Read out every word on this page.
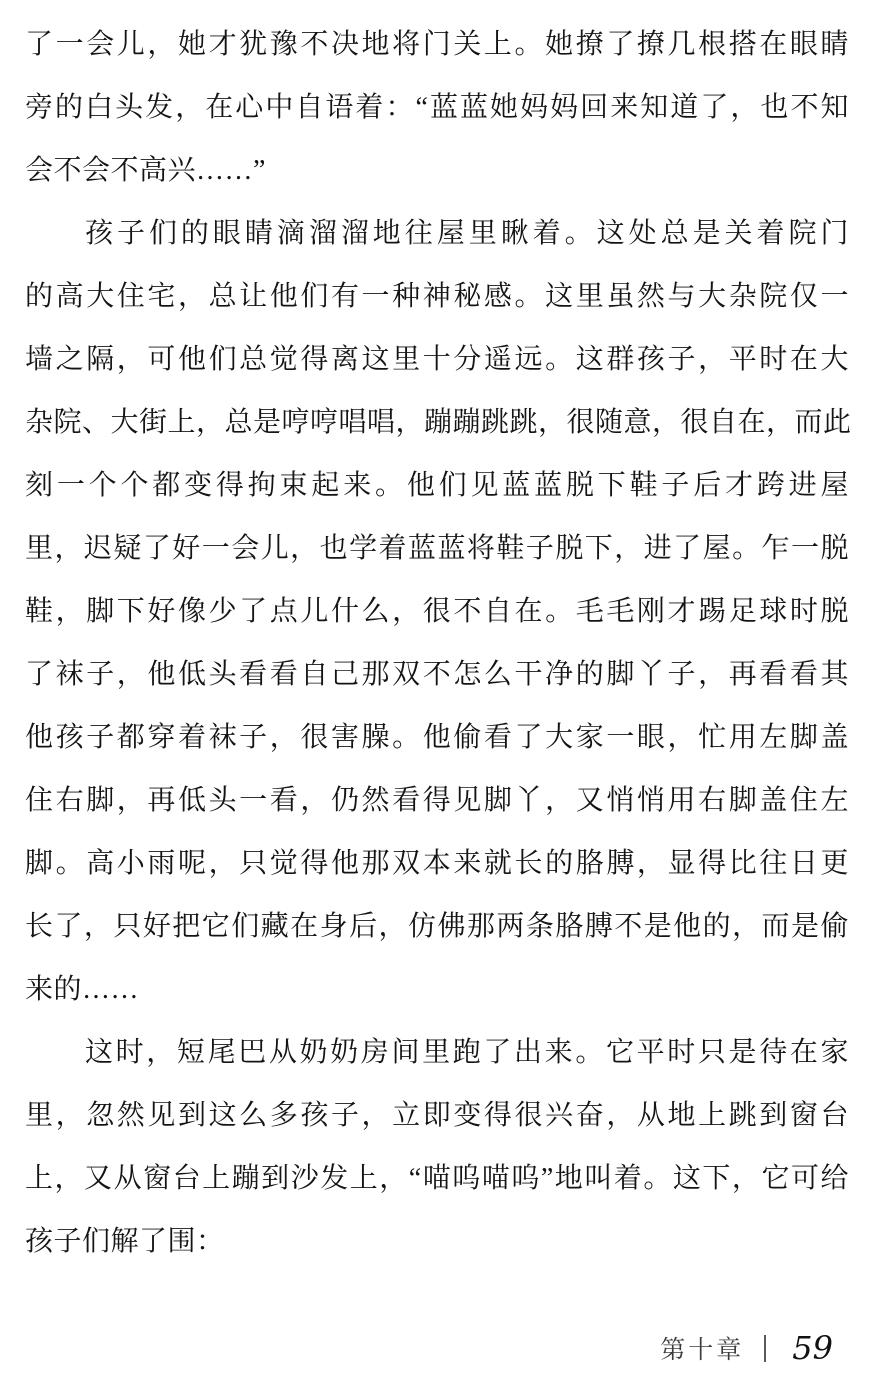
了一会儿，她才犹豫不决地将门关上。她撩了撩几根搭在眼睛
旁的白头发，在心中自语着：“蓝蓝她妈妈回来知道了，也不知
会不会不高兴……”
孩子们的眼睛滴溜溜地往屋里瞅着。这处总是关着院门
的高大住宅，总让他们有一种神秘感。这里虽然与大杂院仅一
墙之隔，可他们总觉得离这里十分遥远。这群孩子，平时在大
杂院、大街上，总是哼哼唱唱，蹦蹦跳跳，很随意，很自在，而此
刻一个个都变得拘束起来。他们见蓝蓝脱下鞋子后才跨进屋
里，迟疑了好一会儿，也学着蓝蓝将鞋子脱下，进了屋。乍一脱
鞋，脚下好像少了点儿什么，很不自在。毛毛刚才踢足球时脱
了袜子，他低头看看自己那双不怎么干净的脚丫子，再看看其
他孩子都穿着袜子，很害臊。他偷看了大家一眼，忙用左脚盖
住右脚，再低头一看，仍然看得见脚丫，又悄悄用右脚盖住左
脚。高小雨呢，只觉得他那双本来就长的胳膊，显得比往日更
长了，只好把它们藏在身后，仿佛那两条胳膊不是他的，而是偷
来的……
这时，短尾巴从奶奶房间里跑了出来。它平时只是待在家
里，忽然见到这么多孩子，立即变得很兴奋，从地上跳到窗台
上，又从窗台上蹦到沙发上，“喵呜喵呜”地叫着。这下，它可给
孩子们解了围：
第十章 59
